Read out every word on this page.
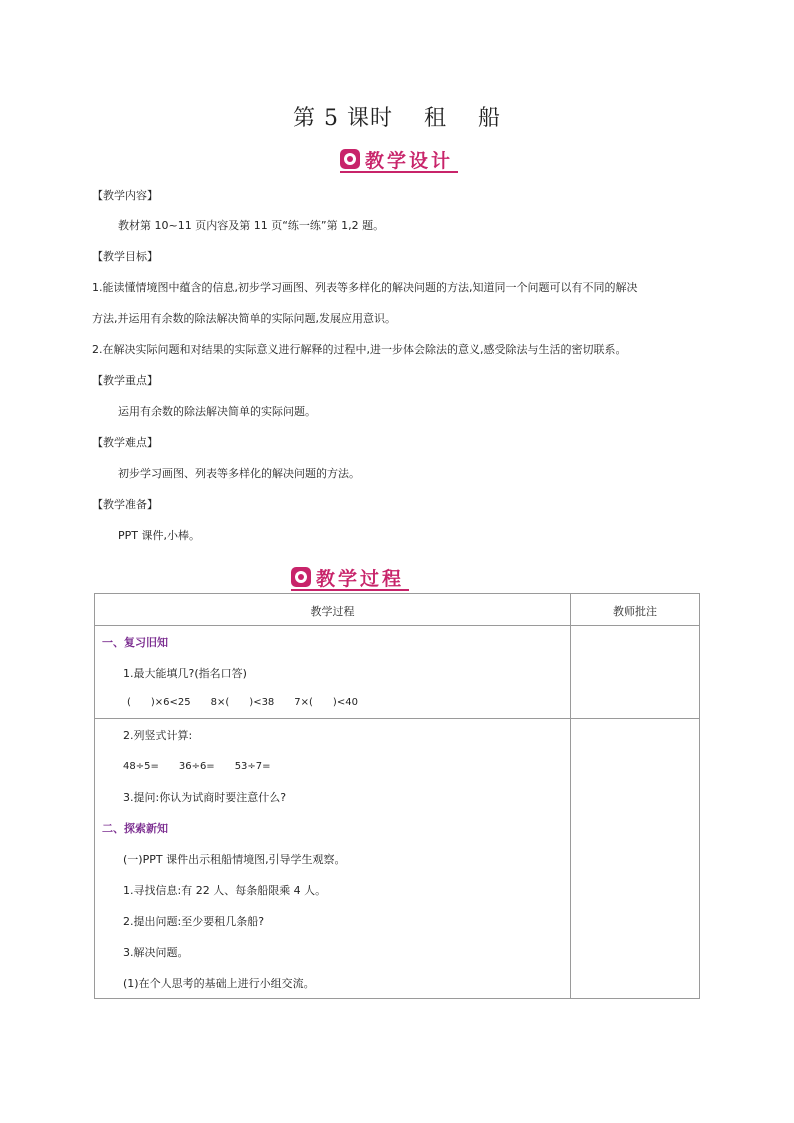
第 5 课时　 租　 船
教学设计
【教学内容】
教材第 10~11 页内容及第 11 页“练一练”第 1,2 题。
【教学目标】
1.能读懂情境图中蕴含的信息,初步学习画图、列表等多样化的解决问题的方法,知道同一个问题可以有不同的解决
方法,并运用有余数的除法解决简单的实际问题,发展应用意识。
2.在解决实际问题和对结果的实际意义进行解释的过程中,进一步体会除法的意义,感受除法与生活的密切联系。
【教学重点】
运用有余数的除法解决简单的实际问题。
【教学难点】
初步学习画图、列表等多样化的解决问题的方法。
【教学准备】
PPT 课件,小棒。
教学过程
教学过程	教师批注
一、复习旧知
1.最大能填几?(指名口答)
(　　)×6<25　　8×(　　)<38　　7×(　　)<40
2.列竖式计算:
48÷5=　　36÷6=　　53÷7=
3.提问:你认为试商时要注意什么?
二、探索新知
(一)PPT 课件出示租船情境图,引导学生观察。
1.寻找信息:有 22 人、每条船限乘 4 人。
2.提出问题:至少要租几条船?
3.解决问题。
(1)在个人思考的基础上进行小组交流。
